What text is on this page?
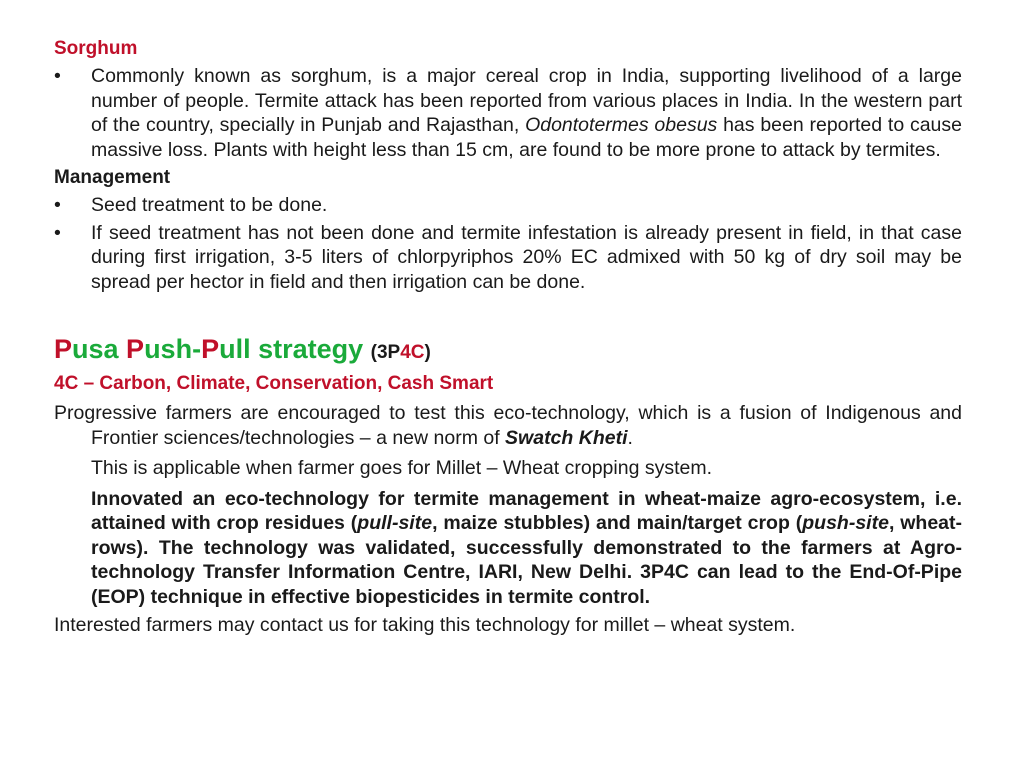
Sorghum

• Commonly known as sorghum, is a major cereal crop in India, supporting livelihood of a large number of people. Termite attack has been reported from various places in India. In the western part of the country, specially in Punjab and Rajasthan, Odontotermes obesus has been reported to cause massive loss. Plants with height less than 15 cm, are found to be more prone to attack by termites.

Management

• Seed treatment to be done.
• If seed treatment has not been done and termite infestation is already present in field, in that case during first irrigation, 3-5 liters of chlorpyriphos 20% EC admixed with 50 kg of dry soil may be spread per hector in field and then irrigation can be done.
Pusa Push-Pull strategy (3P4C)

4C – Carbon, Climate, Conservation, Cash Smart

Progressive farmers are encouraged to test this eco-technology, which is a fusion of Indigenous and Frontier sciences/technologies – a new norm of Swatch Kheti.

This is applicable when farmer goes for Millet – Wheat cropping system.

Innovated an eco-technology for termite management in wheat-maize agro-ecosystem, i.e. attained with crop residues (pull-site, maize stubbles) and main/target crop (push-site, wheat-rows). The technology was validated, successfully demonstrated to the farmers at Agro-technology Transfer Information Centre, IARI, New Delhi. 3P4C can lead to the End-Of-Pipe (EOP) technique in effective biopesticides in termite control.

Interested farmers may contact us for taking this technology for millet – wheat system.
